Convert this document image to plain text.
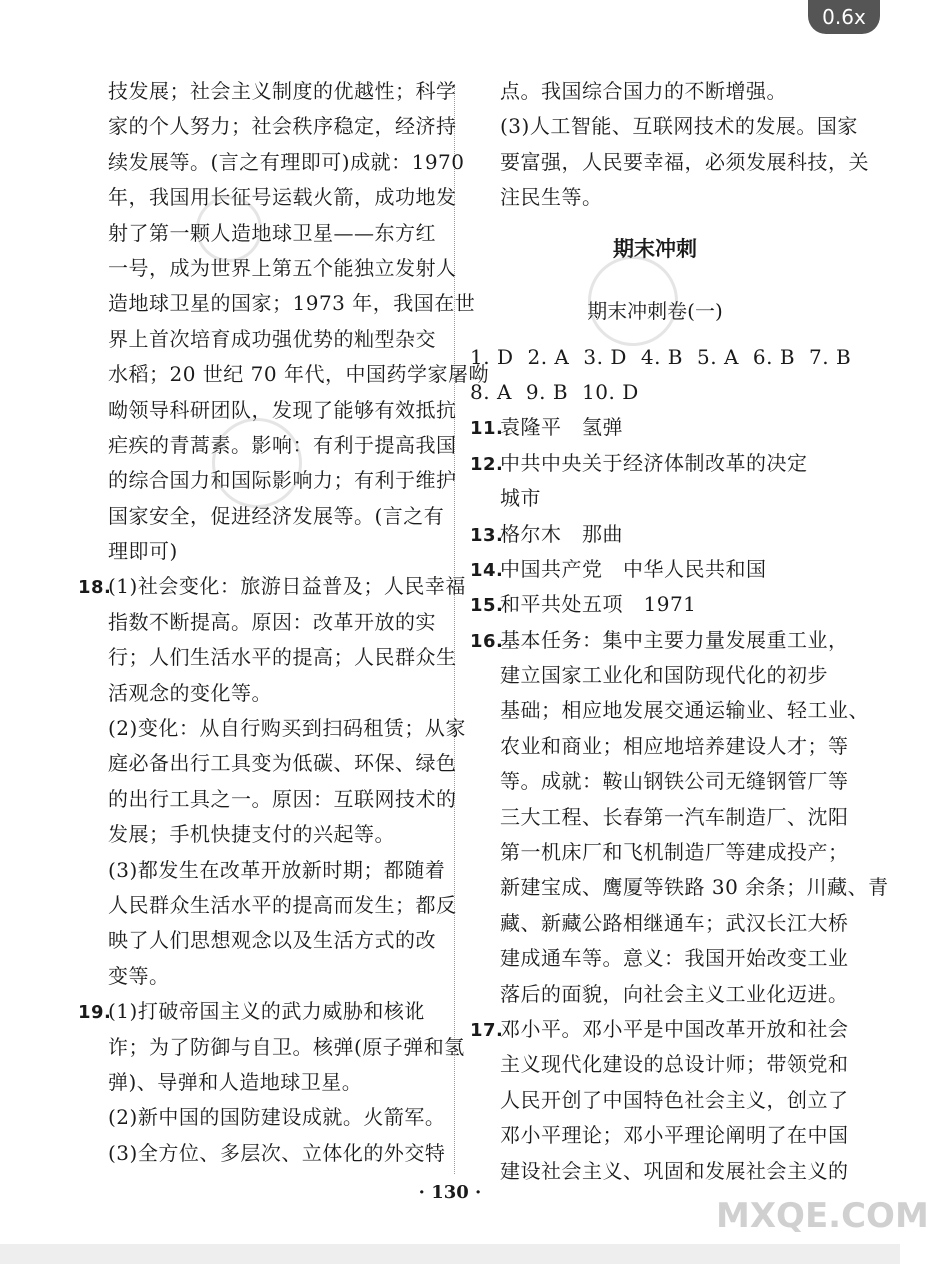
0.6x
技发展；社会主义制度的优越性；科学
家的个人努力；社会秩序稳定，经济持
续发展等。(言之有理即可)成就：1970
年，我国用长征号运载火箭，成功地发
射了第一颗人造地球卫星——东方红
一号，成为世界上第五个能独立发射人
造地球卫星的国家；1973 年，我国在世
界上首次培育成功强优势的籼型杂交
水稻；20 世纪 70 年代，中国药学家屠呦
呦领导科研团队，发现了能够有效抵抗
疟疾的青蒿素。影响：有利于提高我国
的综合国力和国际影响力；有利于维护
国家安全，促进经济发展等。(言之有
理即可)
18.(1)社会变化：旅游日益普及；人民幸福
指数不断提高。原因：改革开放的实
行；人们生活水平的提高；人民群众生
活观念的变化等。
(2)变化：从自行购买到扫码租赁；从家
庭必备出行工具变为低碳、环保、绿色
的出行工具之一。原因：互联网技术的
发展；手机快捷支付的兴起等。
(3)都发生在改革开放新时期；都随着
人民群众生活水平的提高而发生；都反
映了人们思想观念以及生活方式的改
变等。
19.(1)打破帝国主义的武力威胁和核讹
诈；为了防御与自卫。核弹(原子弹和氢
弹)、导弹和人造地球卫星。
(2)新中国的国防建设成就。火箭军。
(3)全方位、多层次、立体化的外交特
点。我国综合国力的不断增强。
(3)人工智能、互联网技术的发展。国家
要富强，人民要幸福，必须发展科技，关
注民生等。
期末冲刺
期末冲刺卷(一)
1. D 2. A 3. D 4. B 5. A 6. B 7. B
8. A 9. B 10. D
11.袁隆平　氢弹
12.中共中央关于经济体制改革的决定
城市
13.格尔木　那曲
14.中国共产党　中华人民共和国
15.和平共处五项　1971
16.基本任务：集中主要力量发展重工业，
建立国家工业化和国防现代化的初步
基础；相应地发展交通运输业、轻工业、
农业和商业；相应地培养建设人才；等
等。成就：鞍山钢铁公司无缝钢管厂等
三大工程、长春第一汽车制造厂、沈阳
第一机床厂和飞机制造厂等建成投产；
新建宝成、鹰厦等铁路 30 余条；川藏、青
藏、新藏公路相继通车；武汉长江大桥
建成通车等。意义：我国开始改变工业
落后的面貌，向社会主义工业化迈进。
17.邓小平。邓小平是中国改革开放和社会
主义现代化建设的总设计师；带领党和
人民开创了中国特色社会主义，创立了
邓小平理论；邓小平理论阐明了在中国
建设社会主义、巩固和发展社会主义的
· 130 ·
MXQE.COM
